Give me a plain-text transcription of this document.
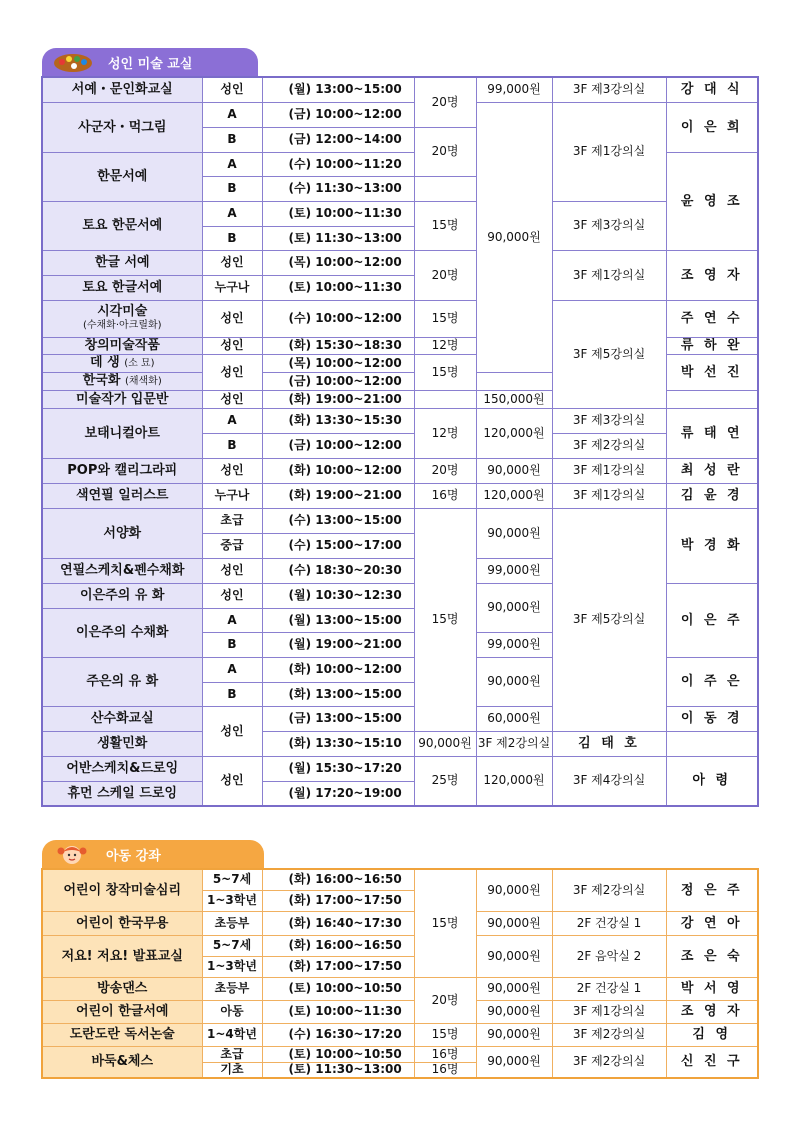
성인 미술 교실
서예・문인화교실	성인	(월) 13:00~15:00	20명	99,000원	3F 제3강의실	강 대 식
사군자・먹그림	A	(금) 10:00~12:00		90,000원	3F 제1강의실	이 은 희
	B	(금) 12:00~14:00	20명			
한문서예	A	(수) 10:00~11:20				윤 영 조
	B	(수) 11:30~13:00				
토요 한문서예	A	(토) 10:00~11:30	15명		3F 제3강의실	
	B	(토) 11:30~13:00				
한글 서예	성인	(목) 10:00~12:00	20명		3F 제1강의실	조 영 자
토요 한글서예	누구나	(토) 10:00~11:30				
시각미술
(수채화·아크릴화)	성인	(수) 10:00~12:00	15명		3F 제5강의실	주 연 수
창의미술작품	성인	(화) 15:30~18:30	12명			류 하 완
데 생 (소 묘)	성인	(목) 10:00~12:00	15명			박 선 진
한국화 (채색화)		(금) 10:00~12:00				
미술작가 입문반	성인	(화) 19:00~21:00		150,000원		
보태니컬아트	A	(화) 13:30~15:30	12명	120,000원	3F 제3강의실	류 태 연
	B	(금) 10:00~12:00			3F 제2강의실	
POP와 캘리그라피	성인	(화) 10:00~12:00	20명	90,000원	3F 제1강의실	최 성 란
색연필 일러스트	누구나	(화) 19:00~21:00	16명	120,000원	3F 제1강의실	김 윤 경
서양화	초급	(수) 13:00~15:00	15명	90,000원	3F 제5강의실	박 경 화
	중급	(수) 15:00~17:00				
연필스케치&펜수채화	성인	(수) 18:30~20:30		99,000원		
이은주의 유 화	성인	(월) 10:30~12:30		90,000원		이 은 주
이은주의 수채화	A	(월) 13:00~15:00				
	B	(월) 19:00~21:00		99,000원		
주은의 유 화	A	(화) 10:00~12:00		90,000원		이 주 은
	B	(화) 13:00~15:00				
산수화교실	성인	(금) 13:00~15:00		60,000원		이 동 경
생활민화		(화) 13:30~15:10	90,000원	3F 제2강의실	김 태 호	
어반스케치&드로잉	성인	(월) 15:30~17:20	25명	120,000원	3F 제4강의실	아 령
휴먼 스케일 드로잉		(월) 17:20~19:00				
아동 강좌
어린이 창작미술심리	5~7세	(화) 16:00~16:50	15명	90,000원	3F 제2강의실	정 은 주
	1~3학년	(화) 17:00~17:50				
어린이 한국무용	초등부	(화) 16:40~17:30		90,000원	2F 건강실 1	강 연 아
저요! 저요! 발표교실	5~7세	(화) 16:00~16:50		90,000원	2F 음악실 2	조 은 숙
	1~3학년	(화) 17:00~17:50				
방송댄스	초등부	(토) 10:00~10:50	20명	90,000원	2F 건강실 1	박 서 영
어린이 한글서예	아동	(토) 10:00~11:30		90,000원	3F 제1강의실	조 영 자
도란도란 독서논술	1~4학년	(수) 16:30~17:20	15명	90,000원	3F 제2강의실	김 영
바둑&체스	초급	(토) 10:00~10:50	16명	90,000원	3F 제2강의실	신 진 구
	기초	(토) 11:30~13:00	16명			
